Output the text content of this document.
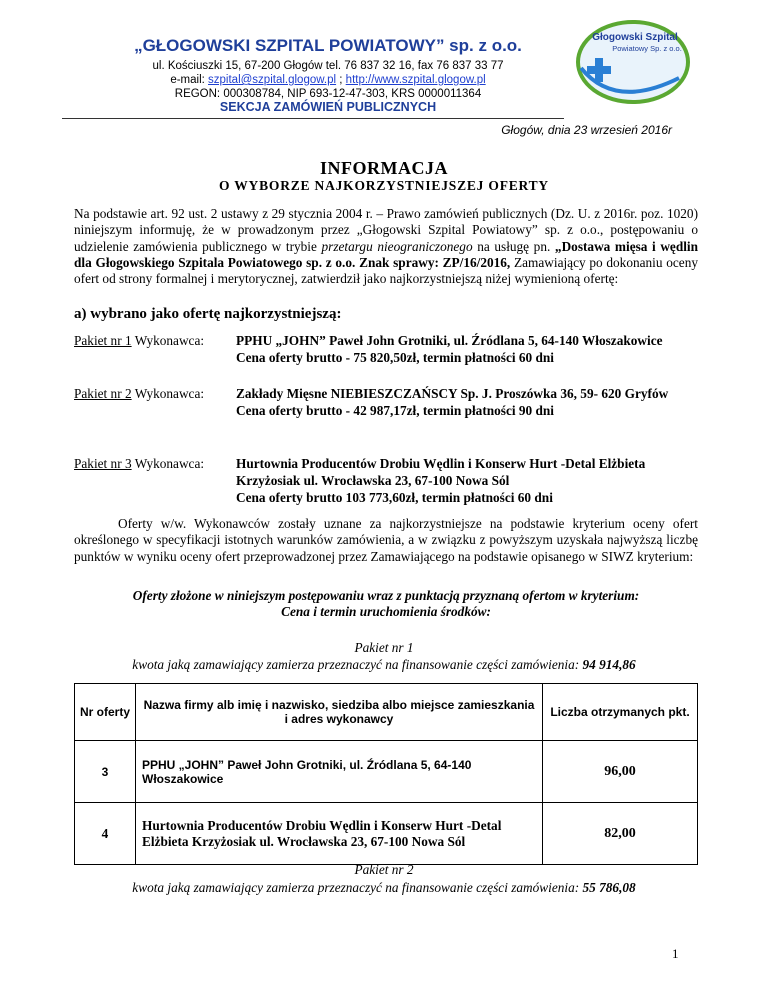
Głogowski Szpital
Powiatowy Sp. z o.o.
„GŁOGOWSKI SZPITAL POWIATOWY” sp. z o.o.
ul. Kościuszki 15, 67-200 Głogów tel. 76 837 32 16, fax 76 837 33 77
e-mail: szpital@szpital.glogow.pl ; http://www.szpital.glogow.pl
REGON: 000308784, NIP 693-12-47-303, KRS 0000011364
SEKCJA ZAMÓWIEŃ PUBLICZNYCH
Głogów, dnia 23 wrzesień 2016r
INFORMACJA
O WYBORZE NAJKORZYSTNIEJSZEJ OFERTY

Na podstawie art. 92 ust. 2 ustawy z 29 stycznia 2004 r. – Prawo zamówień publicznych (Dz. U. z 2016r. poz. 1020) niniejszym informuję, że w prowadzonym przez „Głogowski Szpital Powiatowy” sp. z o.o., postępowaniu o udzielenie zamówienia publicznego w trybie przetargu nieograniczonego na usługę pn. „Dostawa mięsa i wędlin dla Głogowskiego Szpitala Powiatowego sp. z o.o. Znak sprawy: ZP/16/2016, Zamawiający po dokonaniu oceny ofert od strony formalnej i merytorycznej, zatwierdził jako najkorzystniejszą niżej wymienioną ofertę:

a) wybrano jako ofertę najkorzystniejszą:
Pakiet nr 1 Wykonawca: PPHU „JOHN” Paweł John Grotniki, ul. Źródlana 5, 64-140 Włoszakowice
Cena oferty brutto - 75 820,50zł, termin płatności 60 dni
Pakiet nr 2 Wykonawca: Zakłady Mięsne NIEBIESZCZAŃSCY Sp. J. Proszówka 36, 59- 620 Gryfów
Cena oferty brutto - 42 987,17zł, termin płatności 90 dni
Pakiet nr 3 Wykonawca: Hurtownia Producentów Drobiu Wędlin i Konserw Hurt -Detal Elżbieta Krzyżosiak ul. Wrocławska 23, 67-100 Nowa Sól
Cena oferty brutto 103 773,60zł, termin płatności 60 dni

Oferty w/w. Wykonawców zostały uznane za najkorzystniejsze na podstawie kryterium oceny ofert określonego w specyfikacji istotnych warunków zamówienia, a w związku z powyższym uzyskała najwyższą liczbę punktów w wyniku oceny ofert przeprowadzonej przez Zamawiającego na podstawie opisanego w SIWZ kryterium:

Oferty złożone w niniejszym postępowaniu wraz z punktacją przyznaną ofertom w kryterium:
Cena i termin uruchomienia środków:
Pakiet nr 1
kwota jaką zamawiający zamierza przeznaczyć na finansowanie części zamówienia: 94 914,86
Nr oferty	Nazwa firmy alb imię i nazwisko, siedziba albo miejsce zamieszkania i adres wykonawcy	Liczba otrzymanych pkt.
3	PPHU „JOHN” Paweł John Grotniki, ul. Źródlana 5, 64-140 Włoszakowice	96,00
4	Hurtownia Producentów Drobiu Wędlin i Konserw Hurt -Detal Elżbieta Krzyżosiak ul. Wrocławska 23, 67-100 Nowa Sól	82,00
Pakiet nr 2
kwota jaką zamawiający zamierza przeznaczyć na finansowanie części zamówienia: 55 786,08
1
